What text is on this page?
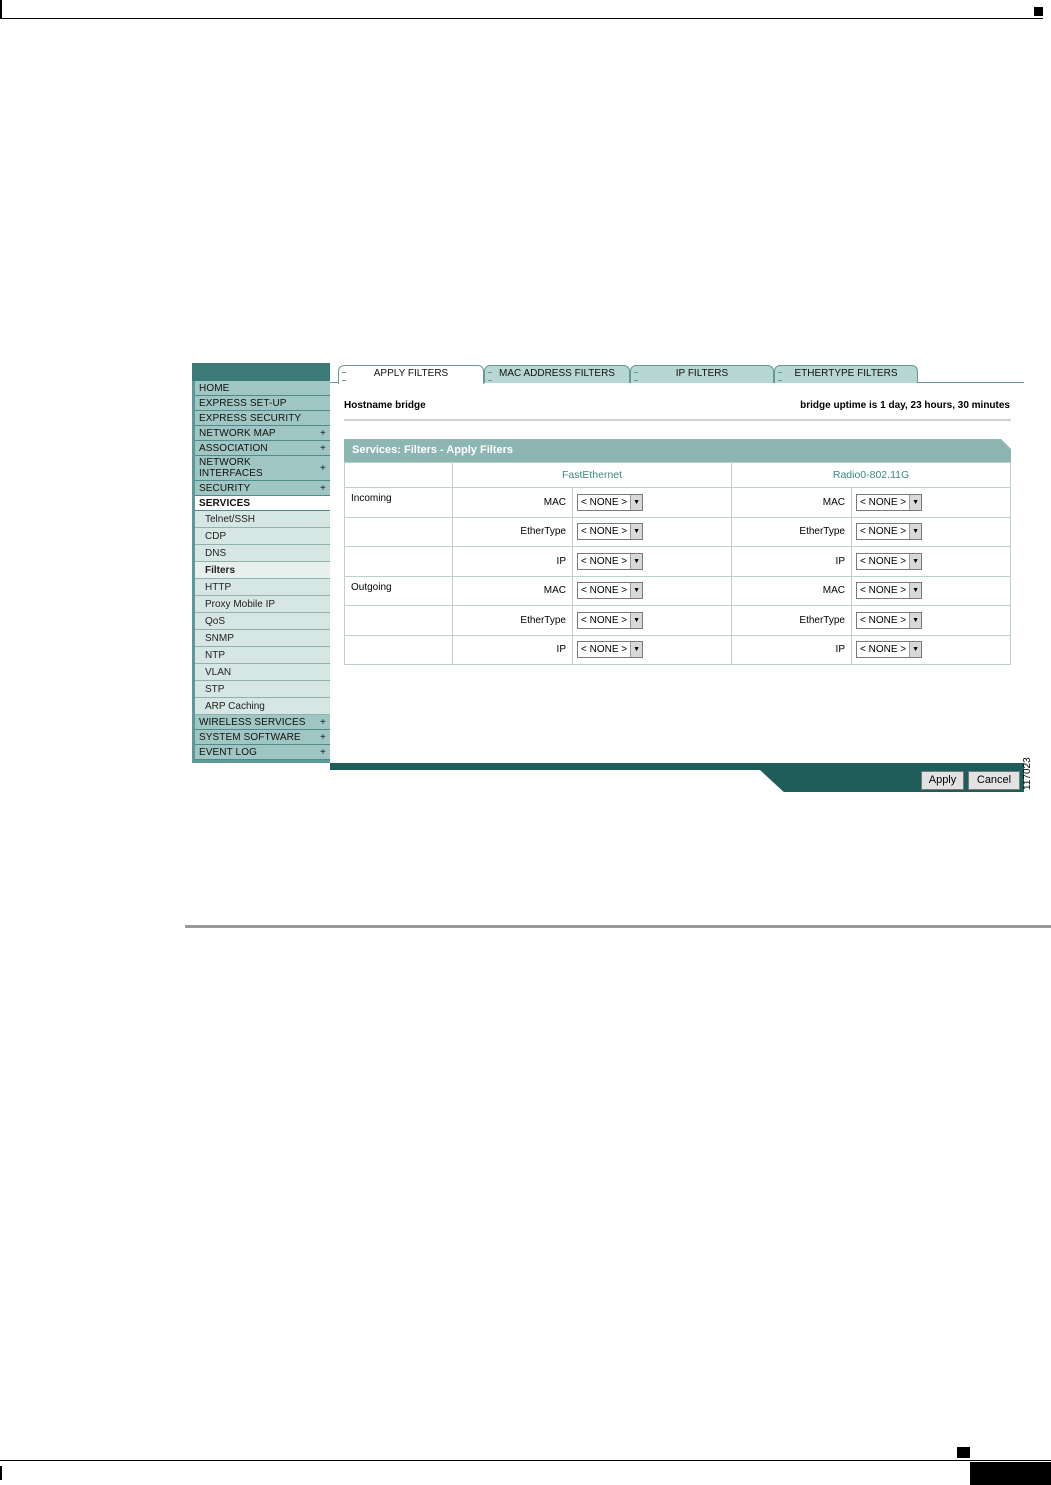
HOME
EXPRESS SET-UP
EXPRESS SECURITY
NETWORK MAP	+
ASSOCIATION	+
NETWORK INTERFACES	+
SECURITY	+
SERVICES
Telnet/SSH
CDP
DNS
Filters
HTTP
Proxy Mobile IP
QoS
SNMP
NTP
VLAN
STP
ARP Caching
WIRELESS SERVICES +
SYSTEM SOFTWARE +
EVENT LOG	+
APPLY FILTERS	MAC ADDRESS FILTERS	IP FILTERS	ETHERTYPE FILTERS
Hostname bridge	bridge uptime is 1 day, 23 hours, 30 minutes
Services: Filters - Apply Filters
	FastEthernet		Radio0-802.11G	
Incoming	MAC	< NONE > ▼	MAC	< NONE > ▼

	EtherType	< NONE > ▼	EtherType	< NONE > ▼

	IP	< NONE > ▼	IP	< NONE > ▼

Outgoing	MAC	< NONE > ▼	MAC	< NONE > ▼

	EtherType	< NONE > ▼	EtherType	< NONE > ▼

	IP	< NONE > ▼	IP	< NONE > ▼
Apply	Cancel	117023
